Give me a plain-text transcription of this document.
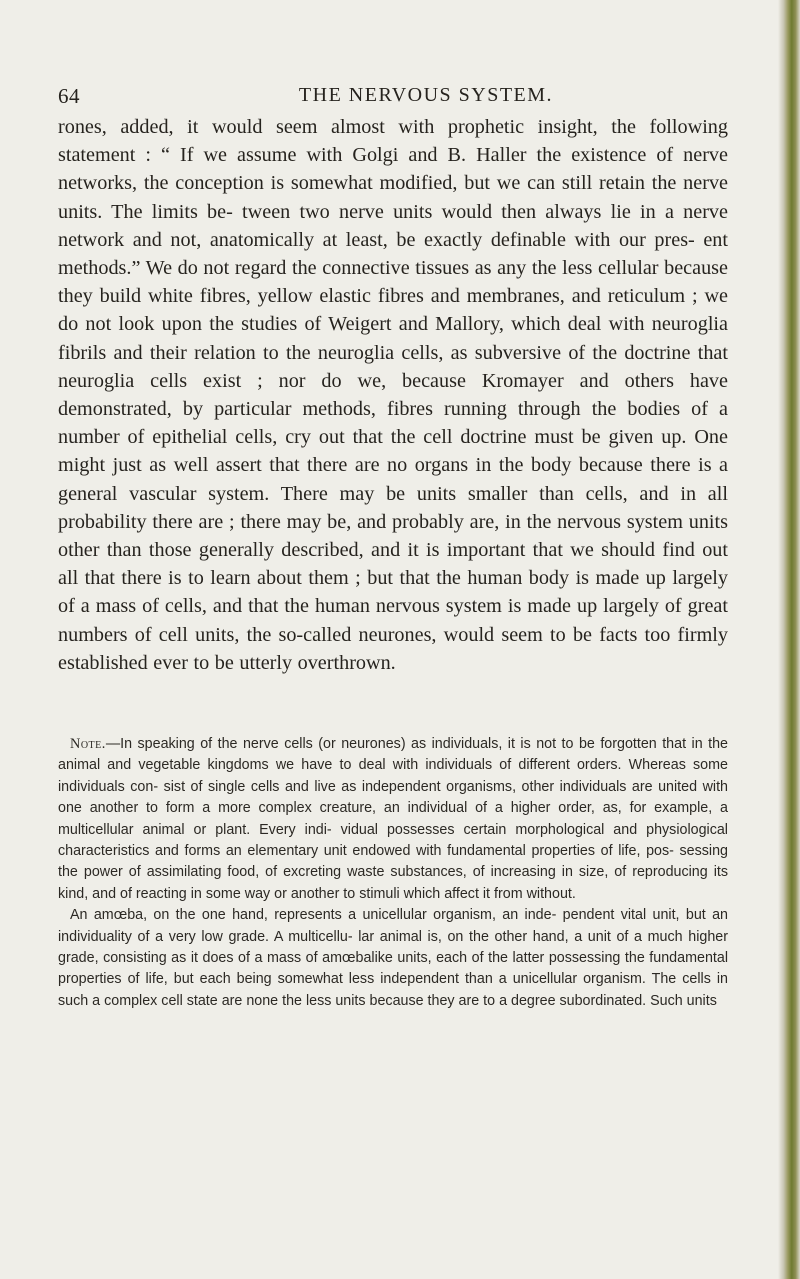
64	THE NERVOUS SYSTEM.

rones, added, it would seem almost with prophetic insight, the following statement : “ If we assume with Golgi and B. Haller the existence of nerve networks, the conception is somewhat modified, but we can still retain the nerve units. The limits be- tween two nerve units would then always lie in a nerve network and not, anatomically at least, be exactly definable with our pres- ent methods.” We do not regard the connective tissues as any the less cellular because they build white fibres, yellow elastic fibres and membranes, and reticulum ; we do not look upon the studies of Weigert and Mallory, which deal with neuroglia fibrils and their relation to the neuroglia cells, as subversive of the doctrine that neuroglia cells exist ; nor do we, because Kromayer and others have demonstrated, by particular methods, fibres running through the bodies of a number of epithelial cells, cry out that the cell doctrine must be given up. One might just as well assert that there are no organs in the body because there is a general vascular system. There may be units smaller than cells, and in all probability there are ; there may be, and probably are, in the nervous system units other than those generally described, and it is important that we should find out all that there is to learn about them ; but that the human body is made up largely of a mass of cells, and that the human nervous system is made up largely of great numbers of cell units, the so-called neurones, would seem to be facts too firmly established ever to be utterly overthrown.

Note.—In speaking of the nerve cells (or neurones) as individuals, it is not to be forgotten that in the animal and vegetable kingdoms we have to deal with individuals of different orders. Whereas some individuals con- sist of single cells and live as independent organisms, other individuals are united with one another to form a more complex creature, an individual of a higher order, as, for example, a multicellular animal or plant. Every indi- vidual possesses certain morphological and physiological characteristics and forms an elementary unit endowed with fundamental properties of life, pos- sessing the power of assimilating food, of excreting waste substances, of increasing in size, of reproducing its kind, and of reacting in some way or another to stimuli which affect it from without.

An amœba, on the one hand, represents a unicellular organism, an inde- pendent vital unit, but an individuality of a very low grade. A multicellu- lar animal is, on the other hand, a unit of a much higher grade, consisting as it does of a mass of amœbalike units, each of the latter possessing the fundamental properties of life, but each being somewhat less independent than a unicellular organism. The cells in such a complex cell state are none the less units because they are to a degree subordinated. Such units
